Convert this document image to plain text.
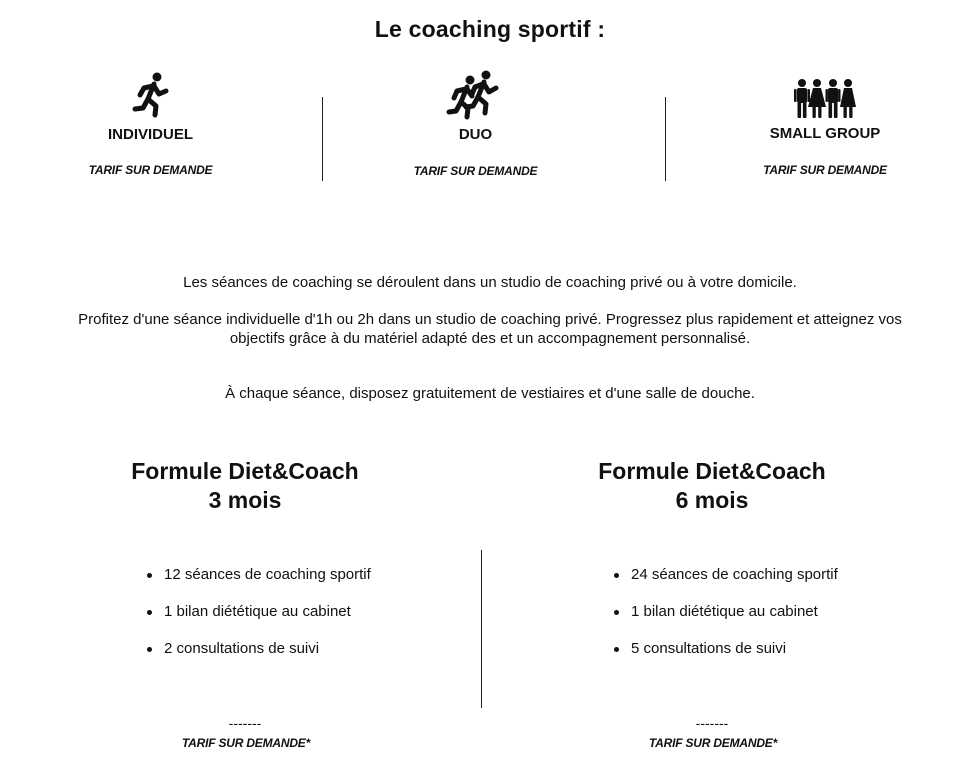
Le coaching sportif :
INDIVIDUEL
TARIF SUR DEMANDE
DUO
TARIF SUR DEMANDE
SMALL GROUP
TARIF SUR DEMANDE
Les séances de coaching se déroulent dans un studio de coaching privé ou à votre domicile.
Profitez d'une séance individuelle d'1h ou 2h dans un studio de coaching privé. Progressez plus rapidement et atteignez vos objectifs grâce à du matériel adapté des et un accompagnement personnalisé.
À chaque séance, disposez gratuitement de vestiaires et d'une salle de douche.
Formule Diet&Coach
3 mois
12 séances de coaching sportif
1 bilan diététique au cabinet
2 consultations de suivi
-------
TARIF SUR DEMANDE*
Formule Diet&Coach
6 mois
24 séances de coaching sportif
1 bilan diététique au cabinet
5 consultations de suivi
-------
TARIF SUR DEMANDE*
